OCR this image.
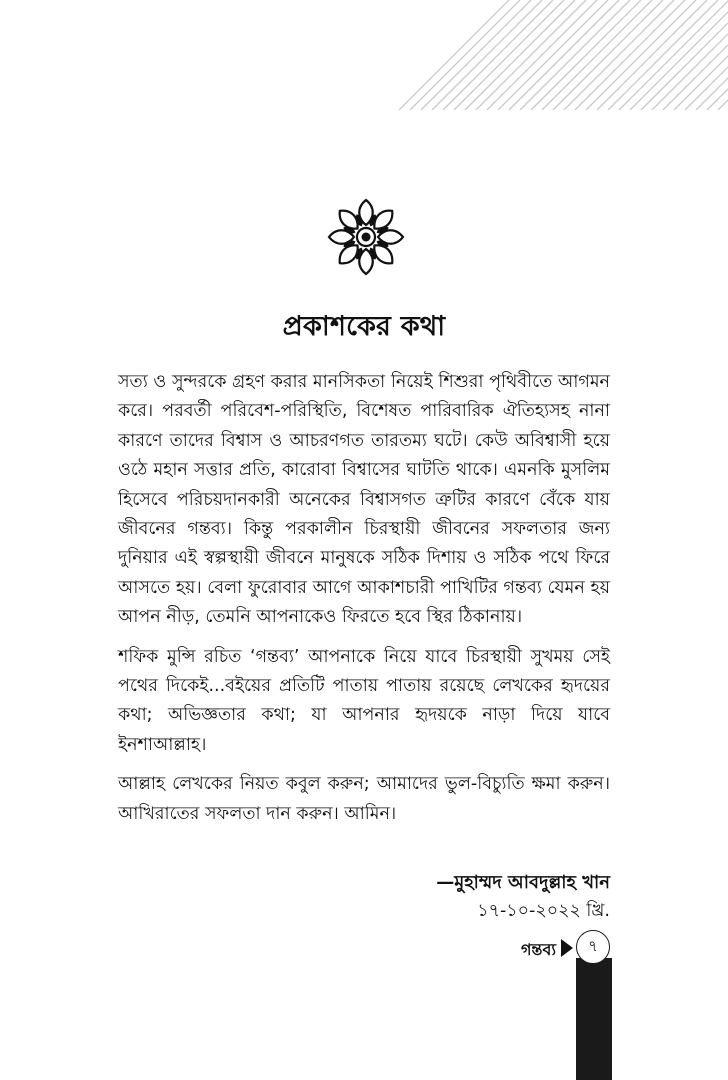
প্রকাশকের কথা

সত্য ও সুন্দরকে গ্রহণ করার মানসিকতা নিয়েই শিশুরা পৃথিবীতে আগমন করে। পরবর্তী পরিবেশ-পরিস্থিতি, বিশেষত পারিবারিক ঐতিহ্যসহ নানা কারণে তাদের বিশ্বাস ও আচরণগত তারতম্য ঘটে। কেউ অবিশ্বাসী হয়ে ওঠে মহান সত্তার প্রতি, কারোবা বিশ্বাসের ঘাটতি থাকে। এমনকি মুসলিম হিসেবে পরিচয়দানকারী অনেকের বিশ্বাসগত ত্রুটির কারণে বেঁকে যায় জীবনের গন্তব্য। কিন্তু পরকালীন চিরস্থায়ী জীবনের সফলতার জন্য দুনিয়ার এই স্বল্পস্থায়ী জীবনে মানুষকে সঠিক দিশায় ও সঠিক পথে ফিরে আসতে হয়। বেলা ফুরোবার আগে আকাশচারী পাখিটির গন্তব্য যেমন হয় আপন নীড়, তেমনি আপনাকেও ফিরতে হবে স্থির ঠিকানায়।

শফিক মুন্সি রচিত ‘গন্তব্য’ আপনাকে নিয়ে যাবে চিরস্থায়ী সুখময় সেই পথের দিকেই...বইয়ের প্রতিটি পাতায় পাতায় রয়েছে লেখকের হৃদয়ের কথা; অভিজ্ঞতার কথা; যা আপনার হৃদয়কে নাড়া দিয়ে যাবে ইনশাআল্লাহ।

আল্লাহ লেখকের নিয়ত কবুল করুন; আমাদের ভুল-বিচ্যুতি ক্ষমা করুন। আখিরাতের সফলতা দান করুন। আমিন।

—মুহাম্মদ আবদুল্লাহ খান
১৭-১০-২০২২ খ্রি.
গন্তব্য	৭
